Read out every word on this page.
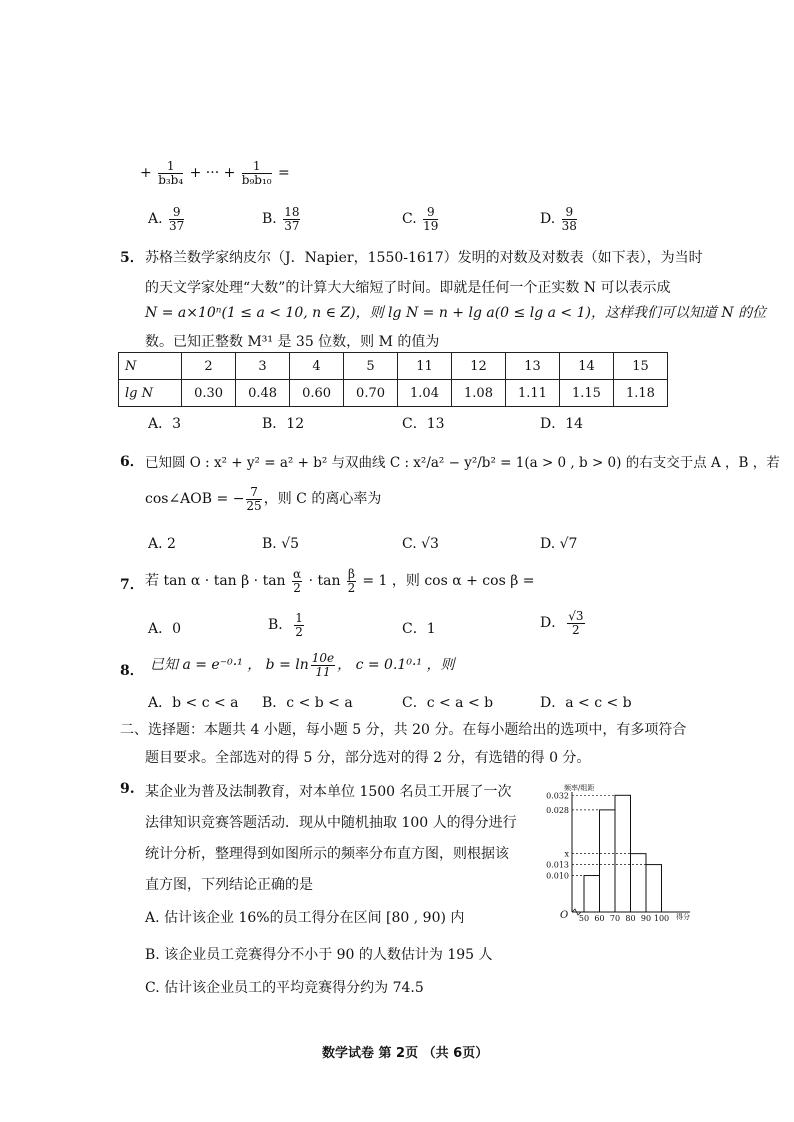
+ $\frac{1}{\text{b₃b₄}}$ + ··· + $\frac{1}{\text{b₉b₁₀}}$ =
A. $\frac{9}{37}$	B. $\frac{18}{37}$	C. $\frac{9}{19}$	D. $\frac{9}{38}$
5． 苏格兰数学家纳皮尔（J．Napier，1550-1617）发明的对数及对数表（如下表），为当时
的天文学家处理“大数”的计算大大缩短了时间。即就是任何一个正实数 N 可以表示成
N = a×10ⁿ(1 ≤ a < 10, n ∈ Z)，则 lg N = n + lg a(0 ≤ lg a < 1)，这样我们可以知道 N 的位
数。已知正整数 M³¹ 是 35 位数，则 M 的值为
N	2	3	4	5	11	12	13	14	15
lg N	0.30	0.48	0.60	0.70	1.04	1.08	1.11	1.15	1.18
A．3	B．12	C．13	D．14
6． 已知圆 O : x² + y² = a² + b² 与双曲线 C : x²/a² − y²/b² = 1(a > 0 , b > 0) 的右支交于点 A ，B ，若
cos∠AOB = − $\frac{7}{25}$ ，则 C 的离心率为
A. 2	B. √5	C. √3	D. √7
7． 若 $\tan \alpha \cdot \tan \beta \cdot \tan \frac{\alpha}{2} \cdot \tan \frac{\beta}{2} = 1$ ，则 cos α + cos β =
A．0	B． $\frac{1}{2}$	C．1	D． $\frac{√3}{2}$
8． 已知 a = e⁻⁰·¹ ， $b = \ln \frac{10e}{11}$ ， c = 0.1⁰·¹ ，则
A．b < c < a B．c < b < a	C．c < a < b	D．a < c < b
二、选择题：本题共 4 小题，每小题 5 分，共 20 分。在每小题给出的选项中，有多项符合
题目要求。全部选对的得 5 分，部分选对的得 2 分，有选错的得 0 分。
9. 某企业为普及法制教育，对本单位 1500 名员工开展了一次
法律知识竞赛答题活动．现从中随机抽取 100 人的得分进行
统计分析，整理得到如图所示的频率分布直方图，则根据该
直方图，下列结论正确的是
A. 估计该企业 16%的员工得分在区间 [80 , 90) 内
B. 该企业员工竞赛得分不小于 90 的人数估计为 195 人
C. 估计该企业员工的平均竞赛得分约为 74.5
频率/组距
O	得分
0.032
0.028
x
0.013
0.010
50 60 70 80 90 100
数学试卷 第 2页 （共 6页）
